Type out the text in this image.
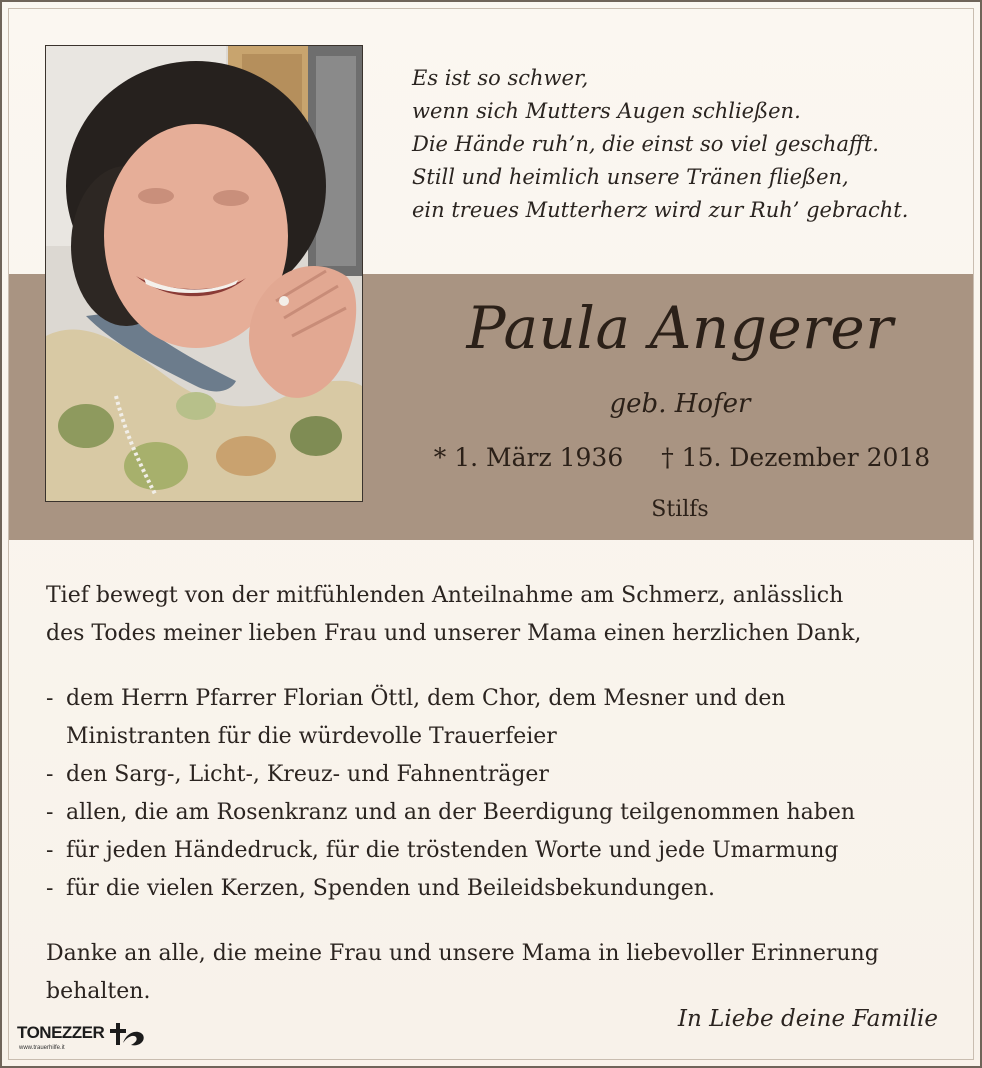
Es ist so schwer,
wenn sich Mutters Augen schließen.
Die Hände ruh’n, die einst so viel geschafft.
Still und heimlich unsere Tränen fließen,
ein treues Mutterherz wird zur Ruh’ gebracht.
Paula Angerer
geb. Hofer
* 1. März 1936 † 15. Dezember 2018
Stilfs
Tief bewegt von der mitfühlenden Anteilnahme am Schmerz, anlässlich
des Todes meiner lieben Frau und unserer Mama einen herzlichen Dank,
- dem Herrn Pfarrer Florian Öttl, dem Chor, dem Mesner und den
Ministranten für die würdevolle Trauerfeier
- den Sarg-, Licht-, Kreuz- und Fahnenträger
- allen, die am Rosenkranz und an der Beerdigung teilgenommen haben
- für jeden Händedruck, für die tröstenden Worte und jede Umarmung
- für die vielen Kerzen, Spenden und Beileidsbekundungen.
Danke an alle, die meine Frau und unsere Mama in liebevoller Erinnerung
behalten.
In Liebe deine Familie
TONEZZER
www.trauerhilfe.it
